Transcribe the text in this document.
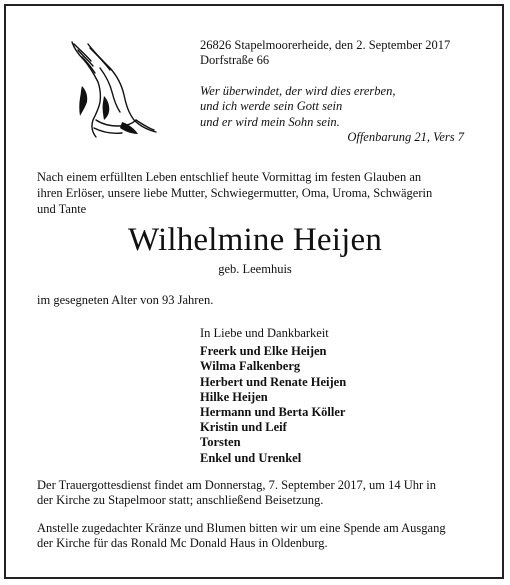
26826 Stapelmoorerheide, den 2. September 2017

Dorfstraße 66

Wer überwindet, der wird dies ererben,

und ich werde sein Gott sein

und er wird mein Sohn sein.

Offenbarung 21, Vers 7

Nach einem erfüllten Leben entschlief heute Vormittag im festen Glauben an

ihren Erlöser, unsere liebe Mutter, Schwiegermutter, Oma, Uroma, Schwägerin

und Tante

Wilhelmine Heijen
geb. Leemhuis

im gesegneten Alter von 93 Jahren.

In Liebe und Dankbarkeit

Freerk und Elke Heijen

Wilma Falkenberg

Herbert und Renate Heijen

Hilke Heijen

Hermann und Berta Köller

Kristin und Leif

Torsten

Enkel und Urenkel

Der Trauergottesdienst findet am Donnerstag, 7. September 2017, um 14 Uhr in

der Kirche zu Stapelmoor statt; anschließend Beisetzung.

Anstelle zugedachter Kränze und Blumen bitten wir um eine Spende am Ausgang

der Kirche für das Ronald Mc Donald Haus in Oldenburg.
